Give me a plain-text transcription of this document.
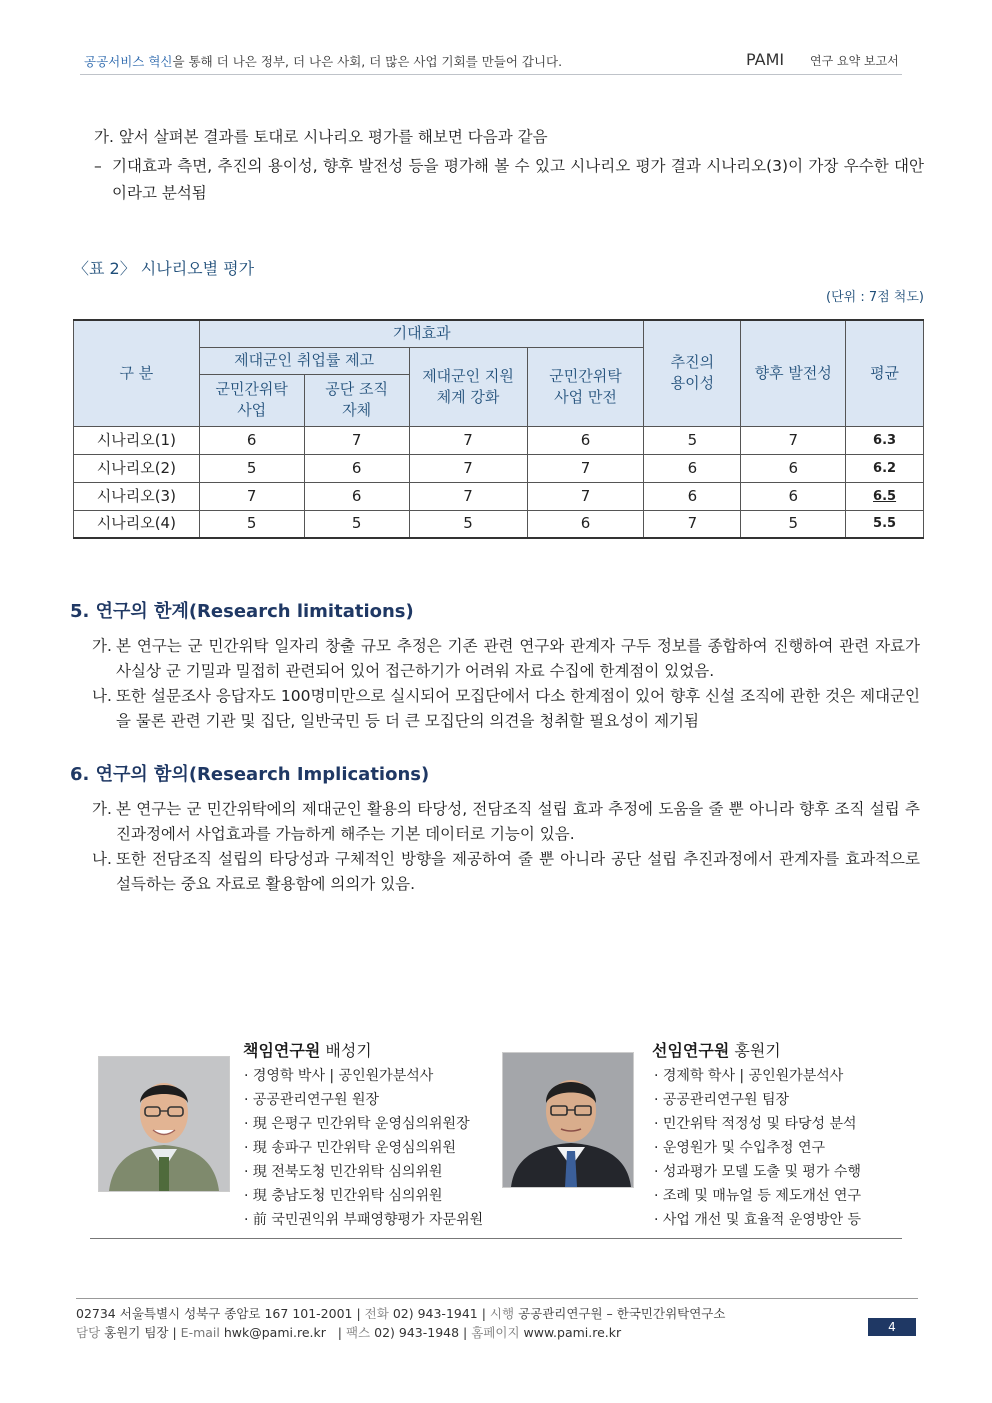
공공서비스 혁신을 통해 더 나은 정부, 더 나은 사회, 더 많은 사업 기회를 만들어 갑니다.	PAMI 연구 요약 보고서
가. 앞서 살펴본 결과를 토대로 시나리오 평가를 해보면 다음과 같음
– 기대효과 측면, 추진의 용이성, 향후 발전성 등을 평가해 볼 수 있고 시나리오 평가 결과 시나리오(3)이 가장 우수한 대안이라고 분석됨
〈표 2〉 시나리오별 평가
(단위 : 7점 척도)
구 분	기대효과				추진의 용이성	향후 발전성	평균
	제대군인 취업률 제고		제대군인 지원체계 강화	군민간위탁 사업 만전			
	군민간위탁 사업	공단 조직 자체					
시나리오(1)	6	7	7	6	5	7	6.3
시나리오(2)	5	6	7	7	6	6	6.2
시나리오(3)	7	6	7	7	6	6	6.5
시나리오(4)	5	5	5	6	7	5	5.5
5. 연구의 한계(Research limitations)
가. 본 연구는 군 민간위탁 일자리 창출 규모 추정은 기존 관련 연구와 관계자 구두 정보를 종합하여 진행하여 관련 자료가 사실상 군 기밀과 밀접히 관련되어 있어 접근하기가 어려워 자료 수집에 한계점이 있었음.
나. 또한 설문조사 응답자도 100명미만으로 실시되어 모집단에서 다소 한계점이 있어 향후 신설 조직에 관한 것은 제대군인을 물론 관련 기관 및 집단, 일반국민 등 더 큰 모집단의 의견을 청취할 필요성이 제기됨
6. 연구의 함의(Research Implications)
가. 본 연구는 군 민간위탁에의 제대군인 활용의 타당성, 전담조직 설립 효과 추정에 도움을 줄 뿐 아니라 향후 조직 설립 추진과정에서 사업효과를 가늠하게 해주는 기본 데이터로 기능이 있음.
나. 또한 전담조직 설립의 타당성과 구체적인 방향을 제공하여 줄 뿐 아니라 공단 설립 추진과정에서 관계자를 효과적으로 설득하는 중요 자료로 활용함에 의의가 있음.
책임연구원 배성기
· 경영학 박사 | 공인원가분석사
· 공공관리연구원 원장
· 現 은평구 민간위탁 운영심의위원장
· 現 송파구 민간위탁 운영심의위원
· 現 전북도청 민간위탁 심의위원
· 現 충남도청 민간위탁 심의위원
· 前 국민권익위 부패영향평가 자문위원
선임연구원 홍원기
· 경제학 학사 | 공인원가분석사
· 공공관리연구원 팀장
· 민간위탁 적정성 및 타당성 분석
· 운영원가 및 수입추정 연구
· 성과평가 모델 도출 및 평가 수행
· 조례 및 매뉴얼 등 제도개선 연구
· 사업 개선 및 효율적 운영방안 등
02734 서울특별시 성북구 종암로 167 101-2001 | 전화 02) 943-1941 | 시행 공공관리연구원 – 한국민간위탁연구소
담당 홍원기 팀장 | E-mail hwk@pami.re.kr   | 팩스 02) 943-1948 | 홈페이지 www.pami.re.kr	4
